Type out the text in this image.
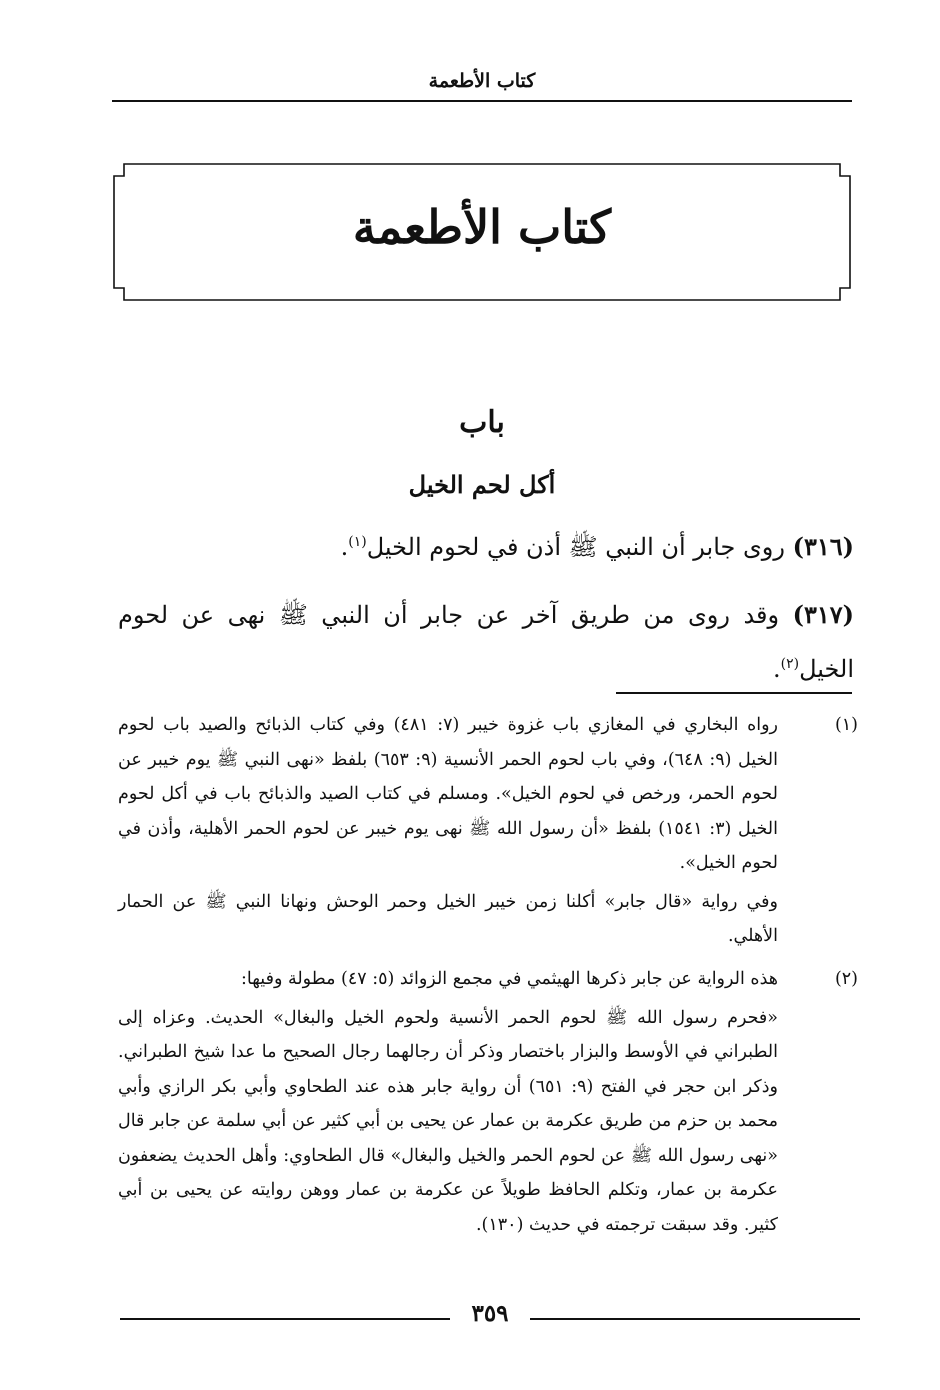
كتاب الأطعمة
كتاب الأطعمة
باب
أكل لحم الخيل
(٣١٦) روى جابر أن النبي ﷺ أذن في لحوم الخيل$^{(١)}$.
(٣١٧) وقد روى من طريق آخر عن جابر أن النبي ﷺ نهى عن لحوم الخيل$^{(٢)}$.
(١)

رواه البخاري في المغازي باب غزوة خيبر (٧: ٤٨١) وفي كتاب الذبائح والصيد باب لحوم الخيل (٩: ٦٤٨)، وفي باب لحوم الحمر الأنسية (٩: ٦٥٣) بلفظ «نهى النبي ﷺ يوم خيبر عن لحوم الحمر، ورخص في لحوم الخيل». ومسلم في كتاب الصيد والذبائح باب في أكل لحوم الخيل (٣: ١٥٤١) بلفظ «أن رسول الله ﷺ نهى يوم خيبر عن لحوم الحمر الأهلية، وأذن في لحوم الخيل».

وفي رواية «قال جابر» أكلنا زمن خيبر الخيل وحمر الوحش ونهانا النبي ﷺ عن الحمار الأهلي.

(٢)

هذه الرواية عن جابر ذكرها الهيثمي في مجمع الزوائد (٥: ٤٧) مطولة وفيها:

«فحرم رسول الله ﷺ لحوم الحمر الأنسية ولحوم الخيل والبغال» الحديث. وعزاه إلى الطبراني في الأوسط والبزار باختصار وذكر أن رجالهما رجال الصحيح ما عدا شيخ الطبراني. وذكر ابن حجر في الفتح (٩: ٦٥١) أن رواية جابر هذه عند الطحاوي وأبي بكر الرازي وأبي محمد بن حزم من طريق عكرمة بن عمار عن يحيى بن أبي كثير عن أبي سلمة عن جابر قال «نهى رسول الله ﷺ عن لحوم الحمر والخيل والبغال» قال الطحاوي: وأهل الحديث يضعفون عكرمة بن عمار، وتكلم الحافظ طويلاً عن عكرمة بن عمار ووهن روايته عن يحيى بن أبي كثير. وقد سبقت ترجمته في حديث (١٣٠).

٣٥٩
